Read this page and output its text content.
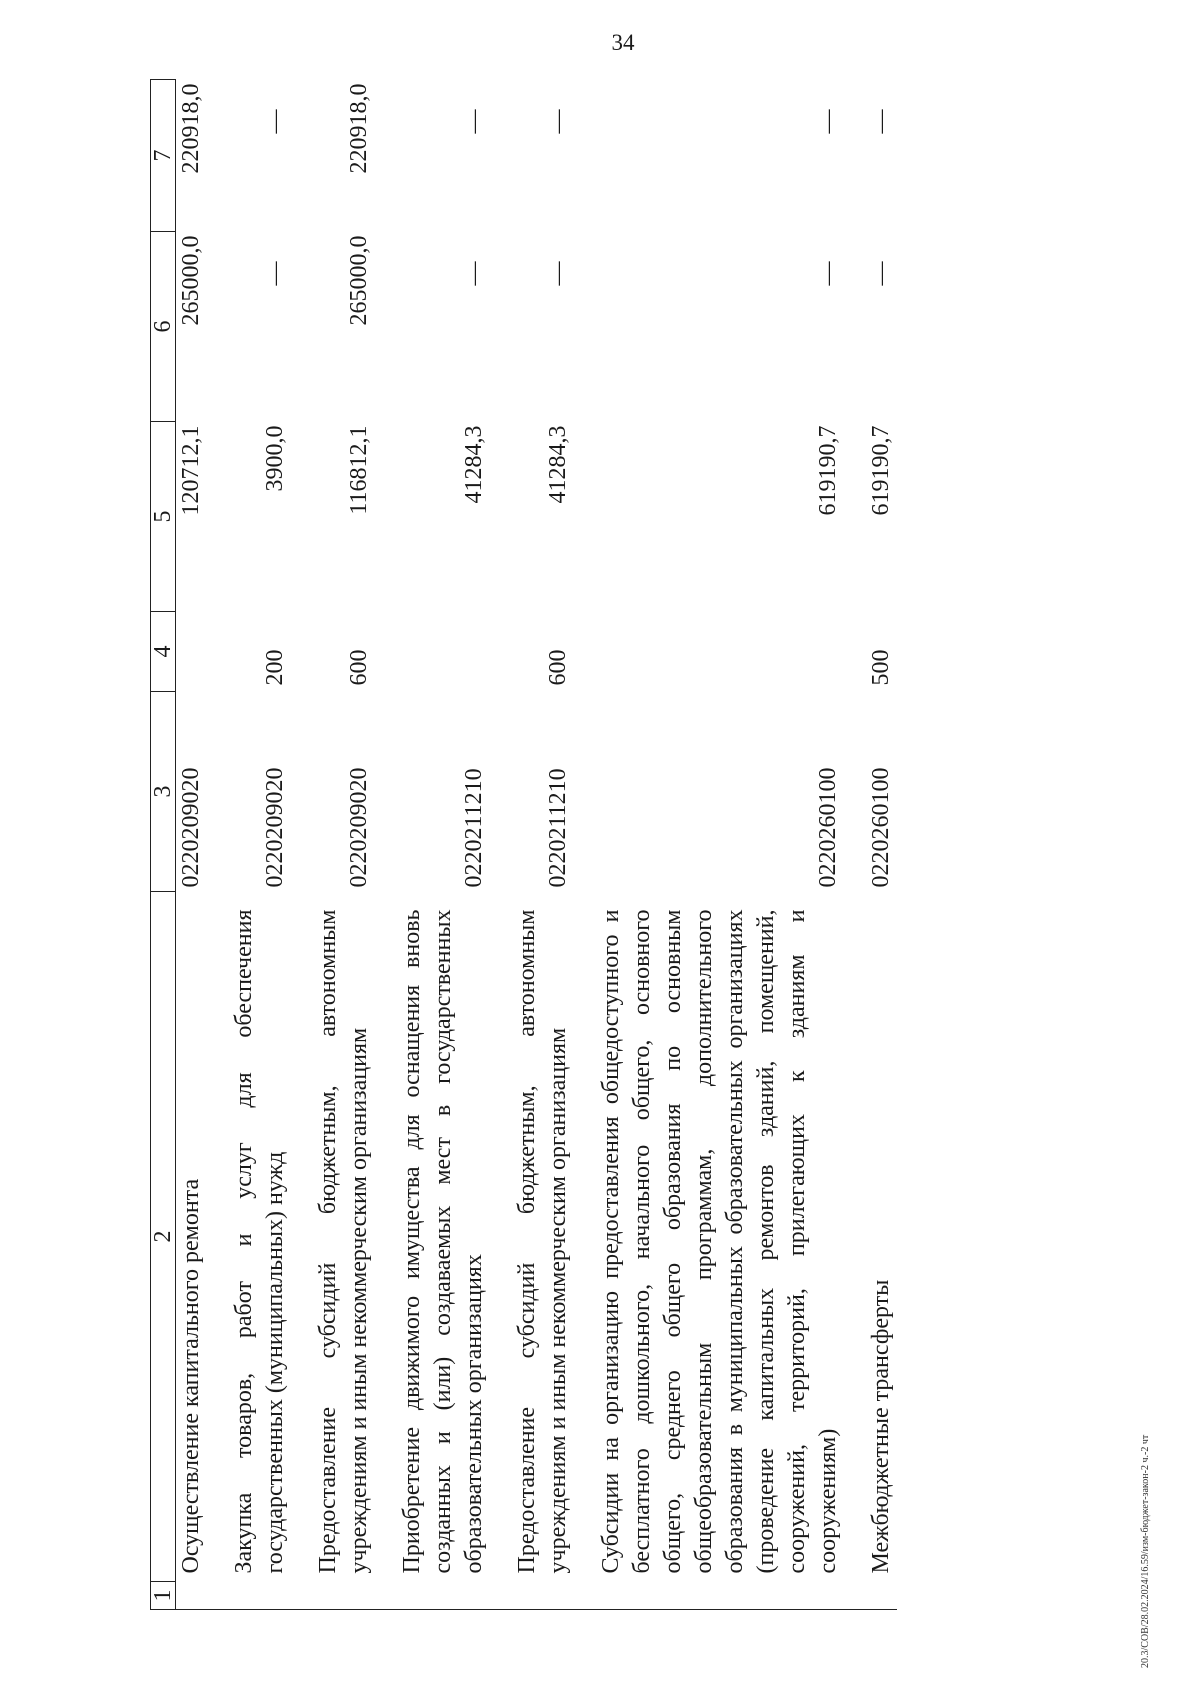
34
20.3/СОВ/28.02.2024/16.59/изм-бюджет-закон-2 ч.-2 чт
1	2	3	4	5	6	7
	Осуществление капитального ремонта	0220209020		120712,1	265000,0	220918,0
	Закупка товаров, работ и услуг для обеспечения государственных (муниципальных) нужд	0220209020	200	3900,0	—	—
	Предоставление субсидий бюджетным, автономным учреждениям и иным некоммерческим организациям	0220209020	600	116812,1	265000,0	220918,0
	Приобретение движимого имущества для оснащения вновь созданных и (или) создаваемых мест в государственных образовательных организациях	0220211210		41284,3	—	—
	Предоставление субсидий бюджетным, автономным учреждениям и иным некоммерческим организациям	0220211210	600	41284,3	—	—
	Субсидии на организацию предоставления общедоступного и бесплатного дошкольного, начального общего, основного общего, среднего общего образования по основным общеобразовательным программам, дополнительного образования в муниципальных образовательных организациях (проведение капитальных ремонтов зданий, помещений, сооружений, территорий, прилегающих к зданиям и сооружениям)	0220260100		619190,7	—	—
	Межбюджетные трансферты	0220260100	500	619190,7	—	—
